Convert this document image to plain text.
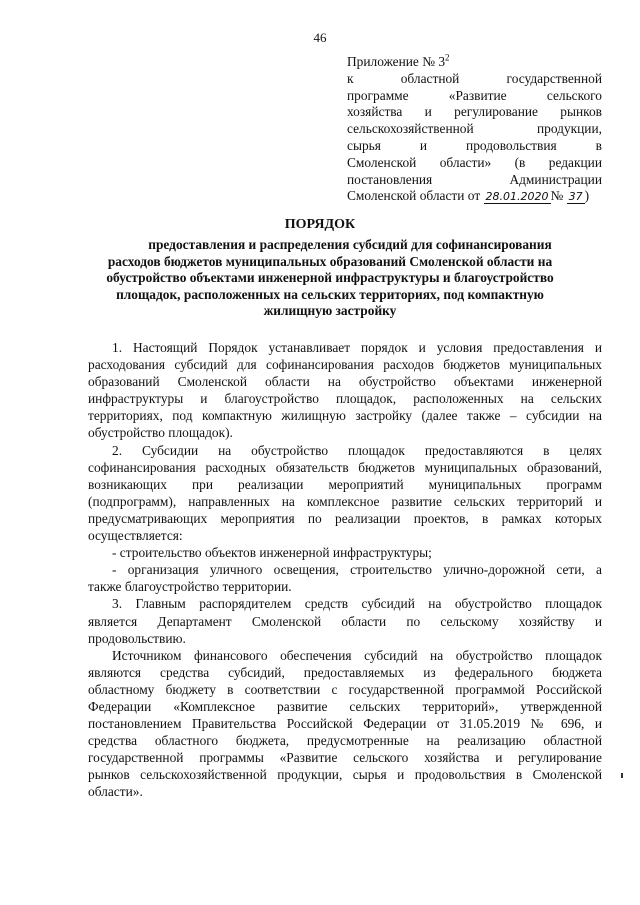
46
Приложение № $3^2$
к областной государственной
программе «Развитие сельского
хозяйства и регулирование рынков
сельскохозяйственной продукции,
сырья и продовольствия в
Смоленской области» (в редакции
постановления Администрации
Смоленской области от 28.01.2020 № 37 )
ПОРЯДОК
предоставления и распределения субсидий для софинансирования
расходов бюджетов муниципальных образований Смоленской области на
обустройство объектами инженерной инфраструктуры и благоустройство
площадок, расположенных на сельских территориях, под компактную
жилищную застройку
1. Настоящий Порядок устанавливает порядок и условия предоставления и
расходования субсидий для софинансирования расходов бюджетов муниципальных
образований Смоленской области на обустройство объектами инженерной
инфраструктуры и благоустройство площадок, расположенных на сельских
территориях, под компактную жилищную застройку (далее также – субсидии на
обустройство площадок).
2. Субсидии на обустройство площадок предоставляются в целях
софинансирования расходных обязательств бюджетов муниципальных образований,
возникающих при реализации мероприятий муниципальных программ
(подпрограмм), направленных на комплексное развитие сельских территорий и
предусматривающих мероприятия по реализации проектов, в рамках которых
осуществляется:
- строительство объектов инженерной инфраструктуры;
- организация уличного освещения, строительство улично-дорожной сети, а
также благоустройство территории.
3. Главным распорядителем средств субсидий на обустройство площадок
является Департамент Смоленской области по сельскому хозяйству и
продовольствию.
Источником финансового обеспечения субсидий на обустройство площадок
являются средства субсидий, предоставляемых из федерального бюджета
областному бюджету в соответствии с государственной программой Российской
Федерации «Комплексное развитие сельских территорий», утвержденной
постановлением Правительства Российской Федерации от 31.05.2019 № 696, и
средства областного бюджета, предусмотренные на реализацию областной
государственной программы «Развитие сельского хозяйства и регулирование
рынков сельскохозяйственной продукции, сырья и продовольствия в Смоленской
области».
